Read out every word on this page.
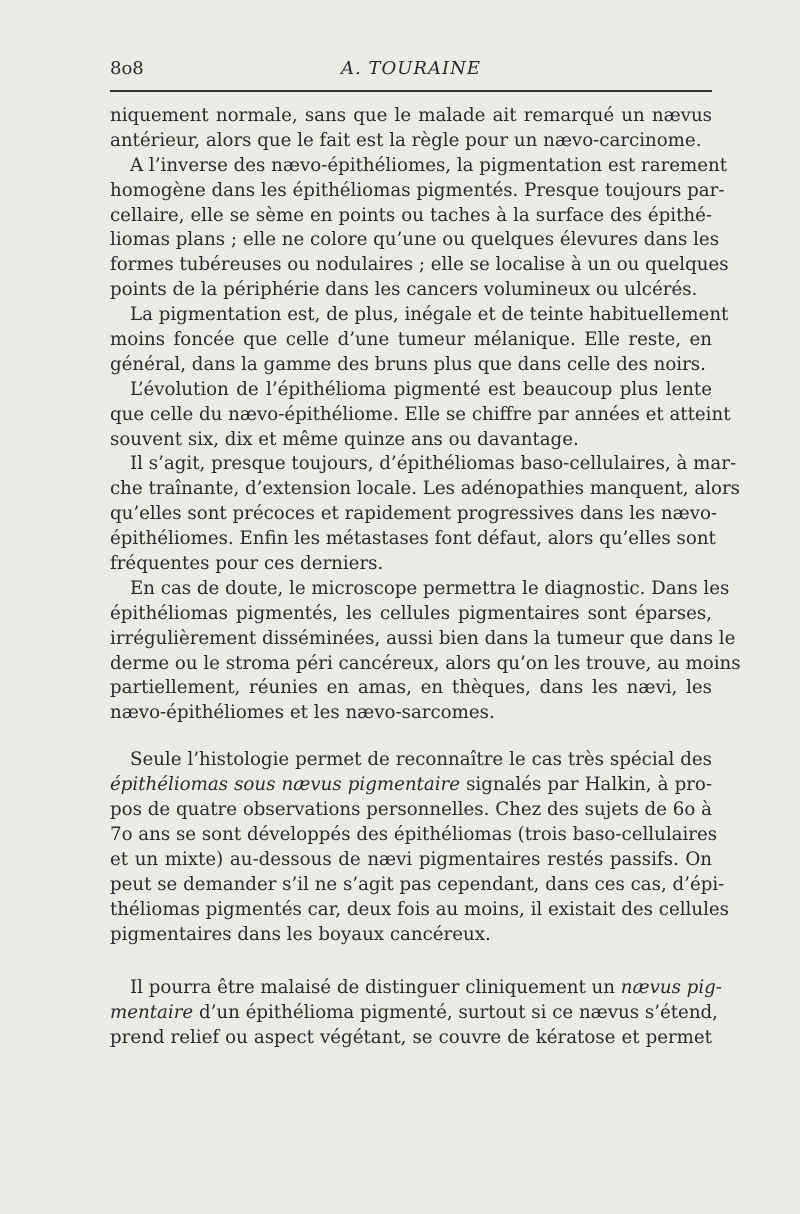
8o8	A. TOURAINE
niquement normale, sans que le malade ait remarqué un nævus
antérieur, alors que le fait est la règle pour un nævo-carcinome.
A l’inverse des nævo-épithéliomes, la pigmentation est rarement
homogène dans les épithéliomas pigmentés. Presque toujours par-
cellaire, elle se sème en points ou taches à la surface des épithé-
liomas plans ; elle ne colore qu’une ou quelques élevures dans les
formes tubéreuses ou nodulaires ; elle se localise à un ou quelques
points de la périphérie dans les cancers volumineux ou ulcérés.
La pigmentation est, de plus, inégale et de teinte habituellement
moins foncée que celle d’une tumeur mélanique. Elle reste, en
général, dans la gamme des bruns plus que dans celle des noirs.
L’évolution de l’épithélioma pigmenté est beaucoup plus lente
que celle du nævo-épithéliome. Elle se chiffre par années et atteint
souvent six, dix et même quinze ans ou davantage.
Il s’agit, presque toujours, d’épithéliomas baso-cellulaires, à mar-
che traînante, d’extension locale. Les adénopathies manquent, alors
qu’elles sont précoces et rapidement progressives dans les nævo-
épithéliomes. Enfin les métastases font défaut, alors qu’elles sont
fréquentes pour ces derniers.
En cas de doute, le microscope permettra le diagnostic. Dans les
épithéliomas pigmentés, les cellules pigmentaires sont éparses,
irrégulièrement disséminées, aussi bien dans la tumeur que dans le
derme ou le stroma péri cancéreux, alors qu’on les trouve, au moins
partiellement, réunies en amas, en thèques, dans les nævi, les
nævo-épithéliomes et les nævo-sarcomes.
Seule l’histologie permet de reconnaître le cas très spécial des
épithéliomas sous nævus pigmentaire signalés par Halkin, à pro-
pos de quatre observations personnelles. Chez des sujets de 6o à
7o ans se sont développés des épithéliomas (trois baso-cellulaires
et un mixte) au-dessous de nævi pigmentaires restés passifs. On
peut se demander s’il ne s’agit pas cependant, dans ces cas, d’épi-
théliomas pigmentés car, deux fois au moins, il existait des cellules
pigmentaires dans les boyaux cancéreux.
Il pourra être malaisé de distinguer cliniquement un nævus pig-
mentaire d’un épithélioma pigmenté, surtout si ce nævus s’étend,
prend relief ou aspect végétant, se couvre de kératose et permet
